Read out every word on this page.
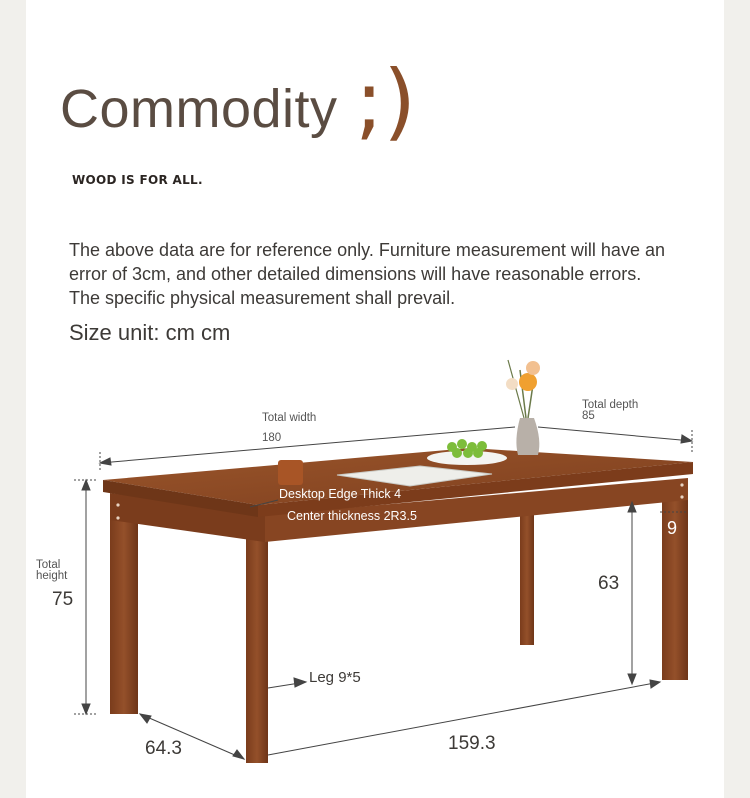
Commodity ;)
WOOD IS FOR ALL.
The above data are for reference only. Furniture measurement will have an error of 3cm, and other detailed dimensions will have reasonable errors. The specific physical measurement shall prevail.
Size unit: cm cm
Total width
180
Total depth
85
Total height
75
Desktop Edge Thick 4
Center thickness 2R3.5
9
63
Leg 9*5
64.3	159.3
